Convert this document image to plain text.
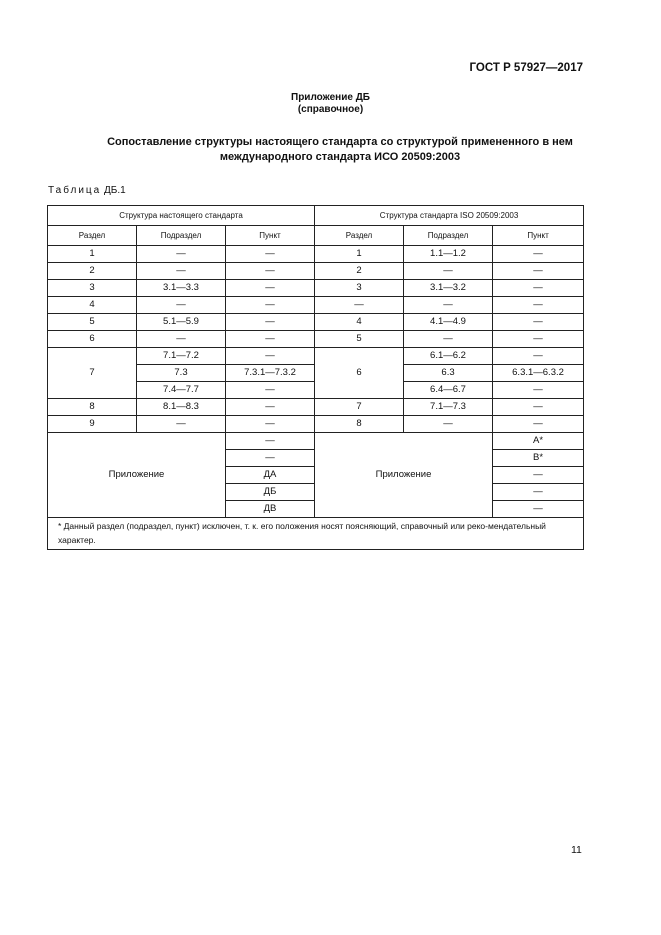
ГОСТ Р 57927—2017
Приложение ДБ
(справочное)
Сопоставление структуры настоящего стандарта со структурой примененного в нем
международного стандарта ИСО 20509:2003
Таблица ДБ.1
Структура настоящего стандарта			Структура стандарта ISO 20509:2003		
Раздел	Подраздел	Пункт	Раздел	Подраздел	Пункт
1	—	—	1	1.1—1.2	—
2	—	—	2	—	—
3	3.1—3.3	—	3	3.1—3.2	—
4	—	—	—	—	—
5	5.1—5.9	—	4	4.1—4.9	—
6	—	—	5	—	—
7	7.1—7.2	—	6	6.1—6.2	—
	7.3	7.3.1—7.3.2		6.3	6.3.1—6.3.2
	7.4—7.7	—		6.4—6.7	—
8	8.1—8.3	—	7	7.1—7.3	—
9	—	—	8	—	—
Приложение		—	Приложение		А*
		—			В*
		ДА			—
		ДБ			—
		ДВ			—
* Данный раздел (подраздел, пункт) исключен, т. к. его положения носят поясняющий, справочный или реко-мендательный характер.					
11
